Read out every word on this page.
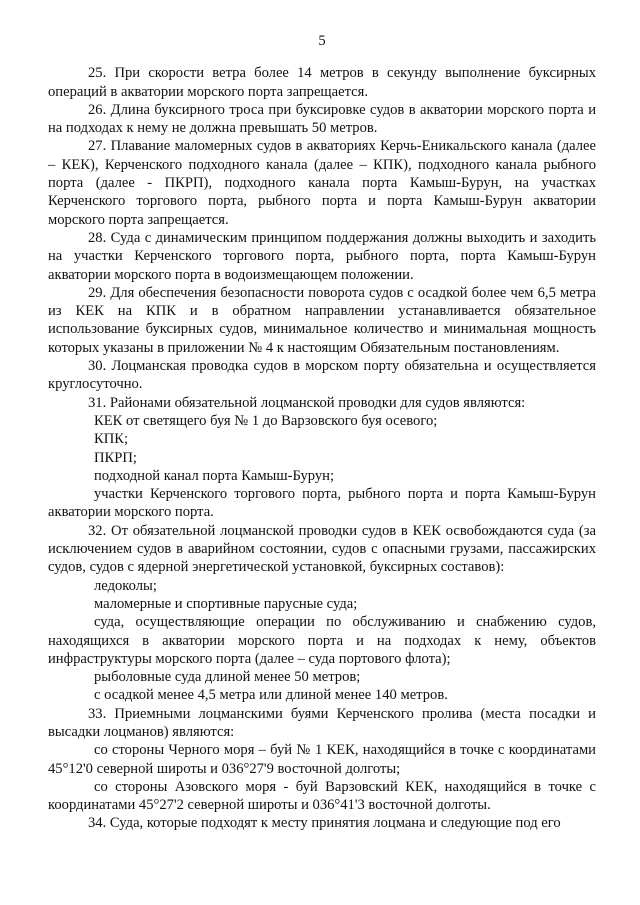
5

25. При скорости ветра более 14 метров в секунду выполнение буксирных операций в акватории морского порта запрещается.

26. Длина буксирного троса при буксировке судов в акватории морского порта и на подходах к нему не должна превышать 50 метров.

27. Плавание маломерных судов в акваториях Керчь-Еникальского канала (далее – КЕК), Керченского подходного канала (далее – КПК), подходного канала рыбного порта (далее - ПКРП), подходного канала порта Камыш-Бурун, на участках Керченского торгового порта, рыбного порта и порта Камыш-Бурун акватории морского порта запрещается.

28. Суда с динамическим принципом поддержания должны выходить и заходить на участки Керченского торгового порта, рыбного порта, порта Камыш-Бурун акватории морского порта в водоизмещающем положении.

29. Для обеспечения безопасности поворота судов с осадкой более чем 6,5 метра из КЕК на КПК и в обратном направлении устанавливается обязательное использование буксирных судов, минимальное количество и минимальная мощность которых указаны в приложении № 4 к настоящим Обязательным постановлениям.

30. Лоцманская проводка судов в морском порту обязательна и осуществляется круглосуточно.

31. Районами обязательной лоцманской проводки для судов являются:

КЕК от светящего буя № 1 до Варзовского буя осевого;

КПК;

ПКРП;

подходной канал порта Камыш-Бурун;

участки Керченского торгового порта, рыбного порта и порта Камыш-Бурун акватории морского порта.

32. От обязательной лоцманской проводки судов в КЕК освобождаются суда (за исключением судов в аварийном состоянии, судов с опасными грузами, пассажирских судов, судов с ядерной энергетической установкой, буксирных составов):

ледоколы;

маломерные и спортивные парусные суда;

суда, осуществляющие операции по обслуживанию и снабжению судов, находящихся в акватории морского порта и на подходах к нему, объектов инфраструктуры морского порта (далее – суда портового флота);

рыболовные суда длиной менее 50 метров;

с осадкой менее 4,5 метра или длиной менее 140 метров.

33. Приемными лоцманскими буями Керченского пролива (места посадки и высадки лоцманов) являются:

со стороны Черного моря – буй № 1 КЕК, находящийся в точке с координатами 45°12'0 северной широты и 036°27'9 восточной долготы;

со стороны Азовского моря - буй Варзовский КЕК, находящийся в точке с координатами 45°27'2 северной широты и 036°41'3 восточной долготы.

34. Суда, которые подходят к месту принятия лоцмана и следующие под его
